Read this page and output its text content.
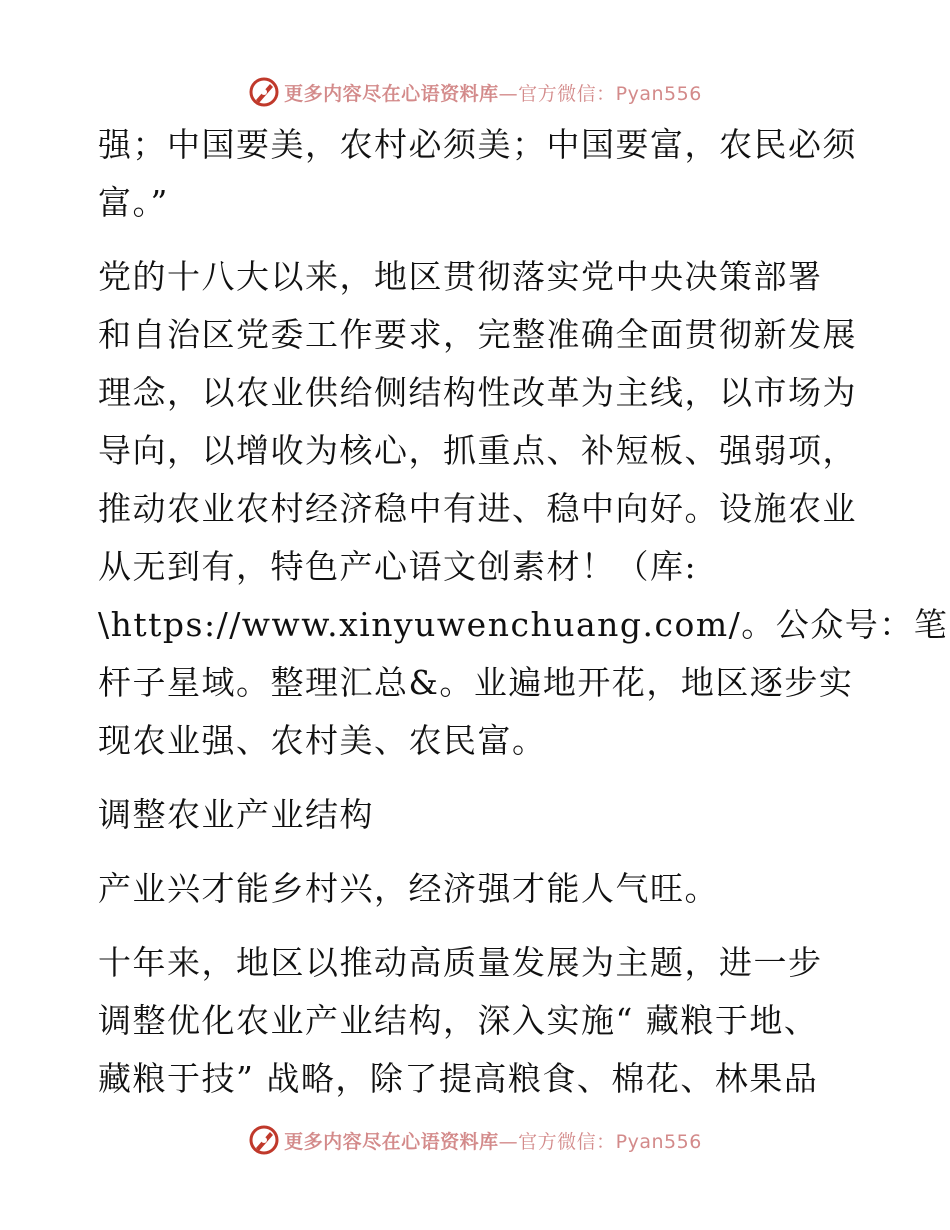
更多内容尽在心语资料库—官方微信：Pyan556
强；中国要美，农村必须美；中国要富，农民必须
富。”
党的十八大以来，地区贯彻落实党中央决策部署
和自治区党委工作要求，完整准确全面贯彻新发展
理念，以农业供给侧结构性改革为主线，以市场为
导向，以增收为核心，抓重点、补短板、强弱项，
推动农业农村经济稳中有进、稳中向好。设施农业
从无到有，特色产心语文创素材！（库:
\https://www.xinyuwenchuang.com/。公众号：笔
杆子星域。整理汇总&。业遍地开花，地区逐步实
现农业强、农村美、农民富。
调整农业产业结构
产业兴才能乡村兴，经济强才能人气旺。
十年来，地区以推动高质量发展为主题，进一步
调整优化农业产业结构，深入实施“ 藏粮于地、
藏粮于技” 战略，除了提高粮食、棉花、林果品
更多内容尽在心语资料库—官方微信：Pyan556
